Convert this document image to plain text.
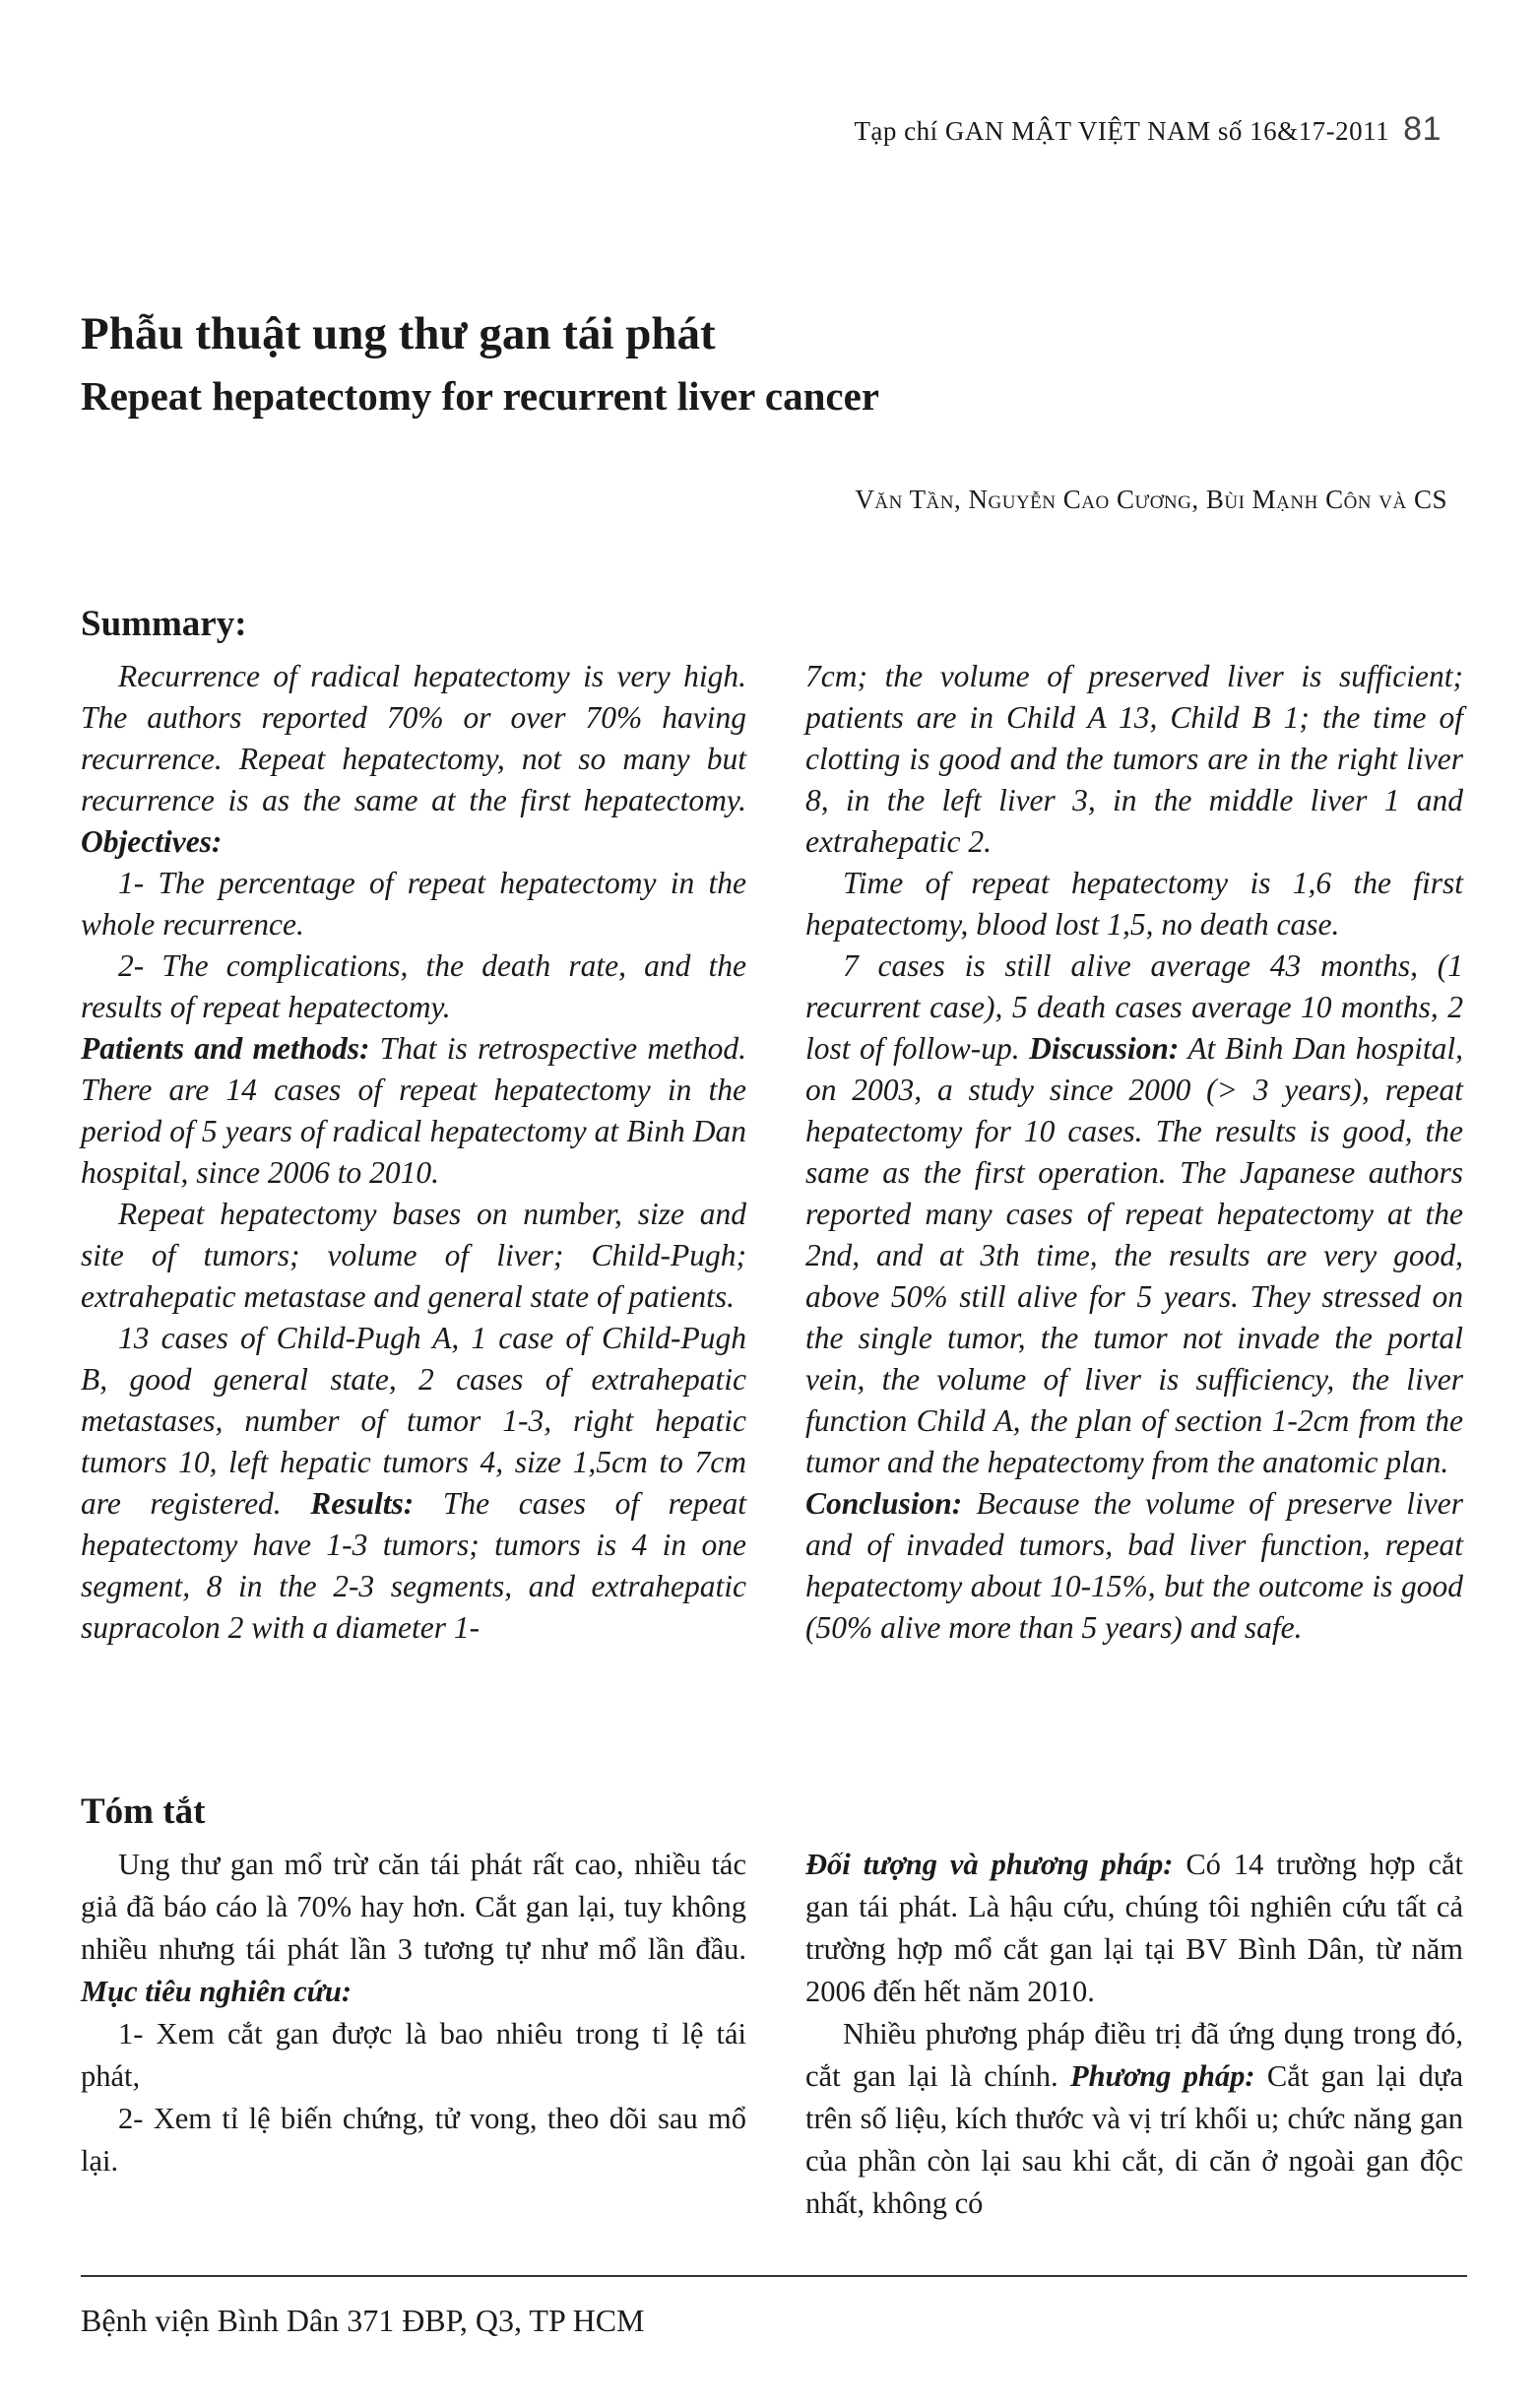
Tạp chí GAN MẬT VIỆT NAM số 16&17-2011 81
Phẫu thuật ung thư gan tái phát
Repeat hepatectomy for recurrent liver cancer
Văn Tần, Nguyễn Cao Cương, Bùi Mạnh Côn và CS
Summary:

Recurrence of radical hepatectomy is very high. The authors reported 70% or over 70% having recurrence. Repeat hepatectomy, not so many but recurrence is as the same at the first hepatectomy. Objectives:

1- The percentage of repeat hepatectomy in the whole recurrence.

2- The complications, the death rate, and the results of repeat hepatectomy.

Patients and methods: That is retrospective method. There are 14 cases of repeat hepatectomy in the period of 5 years of radical hepatectomy at Binh Dan hospital, since 2006 to 2010.

Repeat hepatectomy bases on number, size and site of tumors; volume of liver; Child-Pugh; extrahepatic metastase and general state of patients.

13 cases of Child-Pugh A, 1 case of Child-Pugh B, good general state, 2 cases of extrahepatic metastases, number of tumor 1-3, right hepatic tumors 10, left hepatic tumors 4, size 1,5cm to 7cm are registered. Results: The cases of repeat hepatectomy have 1-3 tumors; tumors is 4 in one segment, 8 in the 2-3 segments, and extrahepatic supracolon 2 with a diameter 1-

7cm; the volume of preserved liver is sufficient; patients are in Child A 13, Child B 1; the time of clotting is good and the tumors are in the right liver 8, in the left liver 3, in the middle liver 1 and extrahepatic 2.

Time of repeat hepatectomy is 1,6 the first hepatectomy, blood lost 1,5, no death case.

7 cases is still alive average 43 months, (1 recurrent case), 5 death cases average 10 months, 2 lost of follow-up. Discussion: At Binh Dan hospital, on 2003, a study since 2000 (> 3 years), repeat hepatectomy for 10 cases. The results is good, the same as the first operation. The Japanese authors reported many cases of repeat hepatectomy at the 2nd, and at 3th time, the results are very good, above 50% still alive for 5 years. They stressed on the single tumor, the tumor not invade the portal vein, the volume of liver is sufficiency, the liver function Child A, the plan of section 1-2cm from the tumor and the hepatectomy from the anatomic plan.

Conclusion: Because the volume of preserve liver and of invaded tumors, bad liver function, repeat hepatectomy about 10-15%, but the outcome is good (50% alive more than 5 years) and safe.

Tóm tắt

Ung thư gan mổ trừ căn tái phát rất cao, nhiều tác giả đã báo cáo là 70% hay hơn. Cắt gan lại, tuy không nhiều nhưng tái phát lần 3 tương tự như mổ lần đầu. Mục tiêu nghiên cứu:

1- Xem cắt gan được là bao nhiêu trong tỉ lệ tái phát,

2- Xem tỉ lệ biến chứng, tử vong, theo dõi sau mổ lại.

Đối tượng và phương pháp: Có 14 trường hợp cắt gan tái phát. Là hậu cứu, chúng tôi nghiên cứu tất cả trường hợp mổ cắt gan lại tại BV Bình Dân, từ năm 2006 đến hết năm 2010.

Nhiều phương pháp điều trị đã ứng dụng trong đó, cắt gan lại là chính. Phương pháp: Cắt gan lại dựa trên số liệu, kích thước và vị trí khối u; chức năng gan của phần còn lại sau khi cắt, di căn ở ngoài gan độc nhất, không có

Bệnh viện Bình Dân 371 ĐBP, Q3, TP HCM
